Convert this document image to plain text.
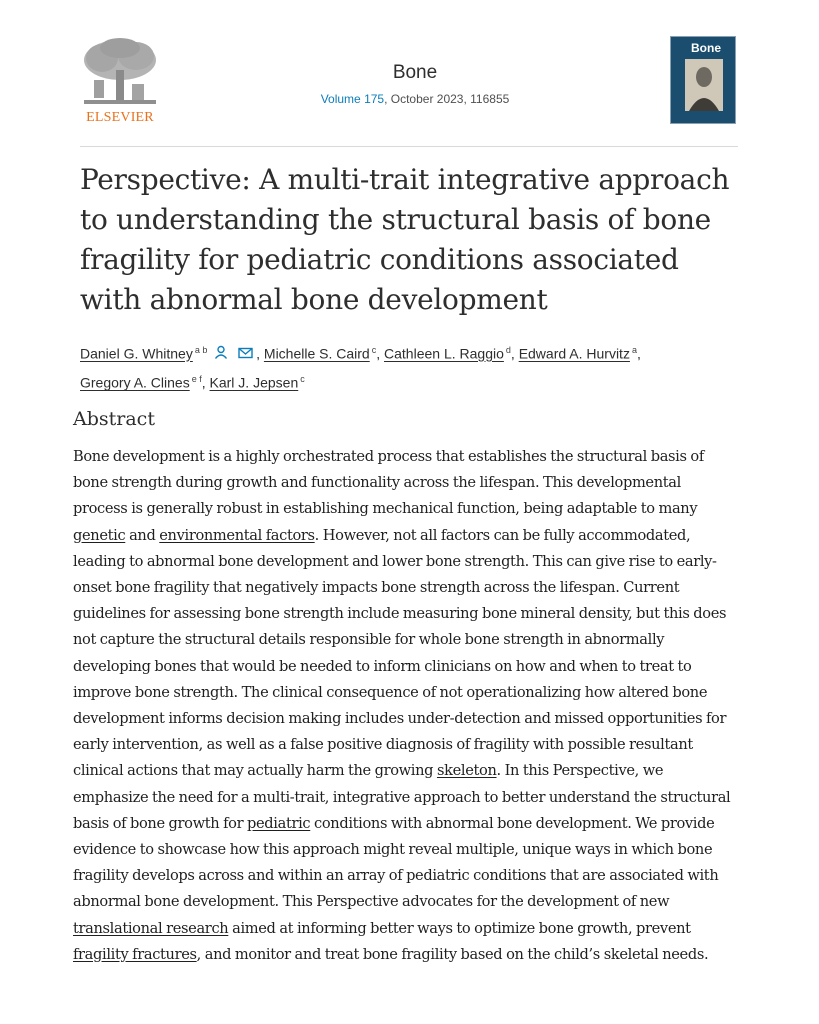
ELSEVIER
Bone
Volume 175, October 2023, 116855
Bone
Perspective: A multi-trait integrative approach to understanding the structural basis of bone fragility for pediatric conditions associated with abnormal bone development
Daniel G. Whitney $^{a b}$	, Michelle S. Caird $^c$, Cathleen L. Raggio $^d$, Edward A. Hurvitz $^a$,
Gregory A. Clines $^{e f}$, Karl J. Jepsen $^c$
Abstract

Bone development is a highly orchestrated process that establishes the structural basis of bone strength during growth and functionality across the lifespan. This developmental process is generally robust in establishing mechanical function, being adaptable to many genetic and environmental factors. However, not all factors can be fully accommodated, leading to abnormal bone development and lower bone strength. This can give rise to early-onset bone fragility that negatively impacts bone strength across the lifespan. Current guidelines for assessing bone strength include measuring bone mineral density, but this does not capture the structural details responsible for whole bone strength in abnormally developing bones that would be needed to inform clinicians on how and when to treat to improve bone strength. The clinical consequence of not operationalizing how altered bone development informs decision making includes under-detection and missed opportunities for early intervention, as well as a false positive diagnosis of fragility with possible resultant clinical actions that may actually harm the growing skeleton. In this Perspective, we emphasize the need for a multi-trait, integrative approach to better understand the structural basis of bone growth for pediatric conditions with abnormal bone development. We provide evidence to showcase how this approach might reveal multiple, unique ways in which bone fragility develops across and within an array of pediatric conditions that are associated with abnormal bone development. This Perspective advocates for the development of new translational research aimed at informing better ways to optimize bone growth, prevent fragility fractures, and monitor and treat bone fragility based on the child’s skeletal needs.
